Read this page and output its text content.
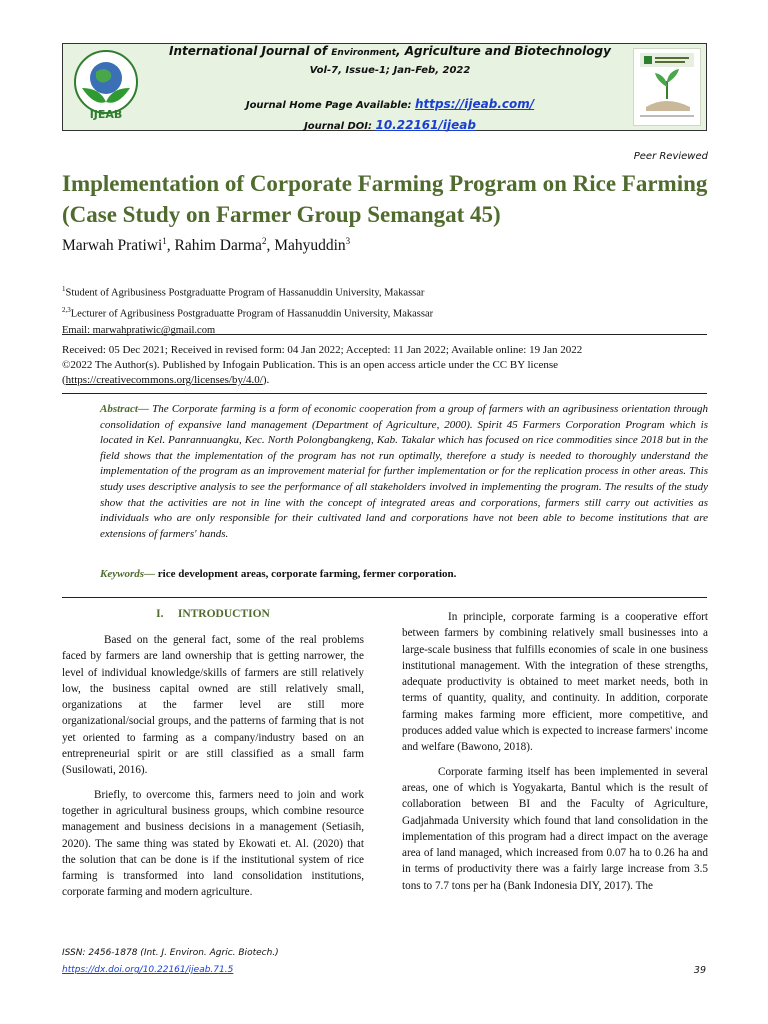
IJEAB
International Journal of Environment, Agriculture and Biotechnology
Vol-7, Issue-1; Jan-Feb, 2022
Journal Home Page Available: https://ijeab.com/
Journal DOI: 10.22161/ijeab
Peer Reviewed
Implementation of Corporate Farming Program on Rice Farming (Case Study on Farmer Group Semangat 45)
Marwah Pratiwi$^1$, Rahim Darma$^2$, Mahyuddin$^3$
$^1$Student of Agribusiness Postgraduatte Program of Hassanuddin University, Makassar
$^{2,3}$Lecturer of Agribusiness Postgraduatte Program of Hassanuddin University, Makassar
Email: marwahpratiwic@gmail.com
Received: 05 Dec 2021; Received in revised form: 04 Jan 2022; Accepted: 11 Jan 2022; Available online: 19 Jan 2022
©2022 The Author(s). Published by Infogain Publication. This is an open access article under the CC BY license
(https://creativecommons.org/licenses/by/4.0/).
Abstract— The Corporate farming is a form of economic cooperation from a group of farmers with an agribusiness orientation through consolidation of expansive land management (Department of Agriculture, 2000). Spirit 45 Farmers Corporation Program which is located in Kel. Panrannuangku, Kec. North Polongbangkeng, Kab. Takalar which has focused on rice commodities since 2018 but in the field shows that the implementation of the program has not run optimally, therefore a study is needed to thoroughly understand the implementation of the program as an improvement material for further implementation or for the replication process in other areas. This study uses descriptive analysis to see the performance of all stakeholders involved in implementing the program. The results of the study show that the activities are not in line with the concept of integrated areas and corporations, farmers still carry out activities as individuals who are only responsible for their cultivated land and corporations have not been able to become institutions that are extensions of farmers' hands.
Keywords— rice development areas, corporate farming, fermer corporation.
I.     INTRODUCTION

Based on the general fact, some of the real problems faced by farmers are land ownership that is getting narrower, the level of individual knowledge/skills of farmers are still relatively low, the business capital owned are still relatively small, organizations at the farmer level are still more organizational/social groups, and the patterns of farming that is not yet oriented to farming as a company/industry based on an entrepreneurial spirit or are still classified as a small farm (Susilowati, 2016).

Briefly, to overcome this, farmers need to join and work together in agricultural business groups, which combine resource management and business decisions in a management (Setiasih, 2020). The same thing was stated by Ekowati et. Al. (2020) that the solution that can be done is if the institutional system of rice farming is transformed into land consolidation institutions, corporate farming and modern agriculture.

In principle, corporate farming is a cooperative effort between farmers by combining relatively small businesses into a large-scale business that fulfills economies of scale in one business institutional management. With the integration of these strengths, adequate productivity is obtained to meet market needs, both in terms of quantity, quality, and continuity. In addition, corporate farming makes farming more efficient, more competitive, and produces added value which is expected to increase farmers' income and welfare (Bawono, 2018).

Corporate farming itself has been implemented in several areas, one of which is Yogyakarta, Bantul which is the result of collaboration between BI and the Faculty of Agriculture, Gadjahmada University which found that land consolidation in the implementation of this program had a direct impact on the average area of land managed, which increased from 0.07 ha to 0.26 ha and in terms of productivity there was a fairly large increase from 3.5 tons to 7.7 tons per ha (Bank Indonesia DIY, 2017). The

ISSN: 2456-1878 (Int. J. Environ. Agric. Biotech.)
https://dx.doi.org/10.22161/ijeab.71.5	39
